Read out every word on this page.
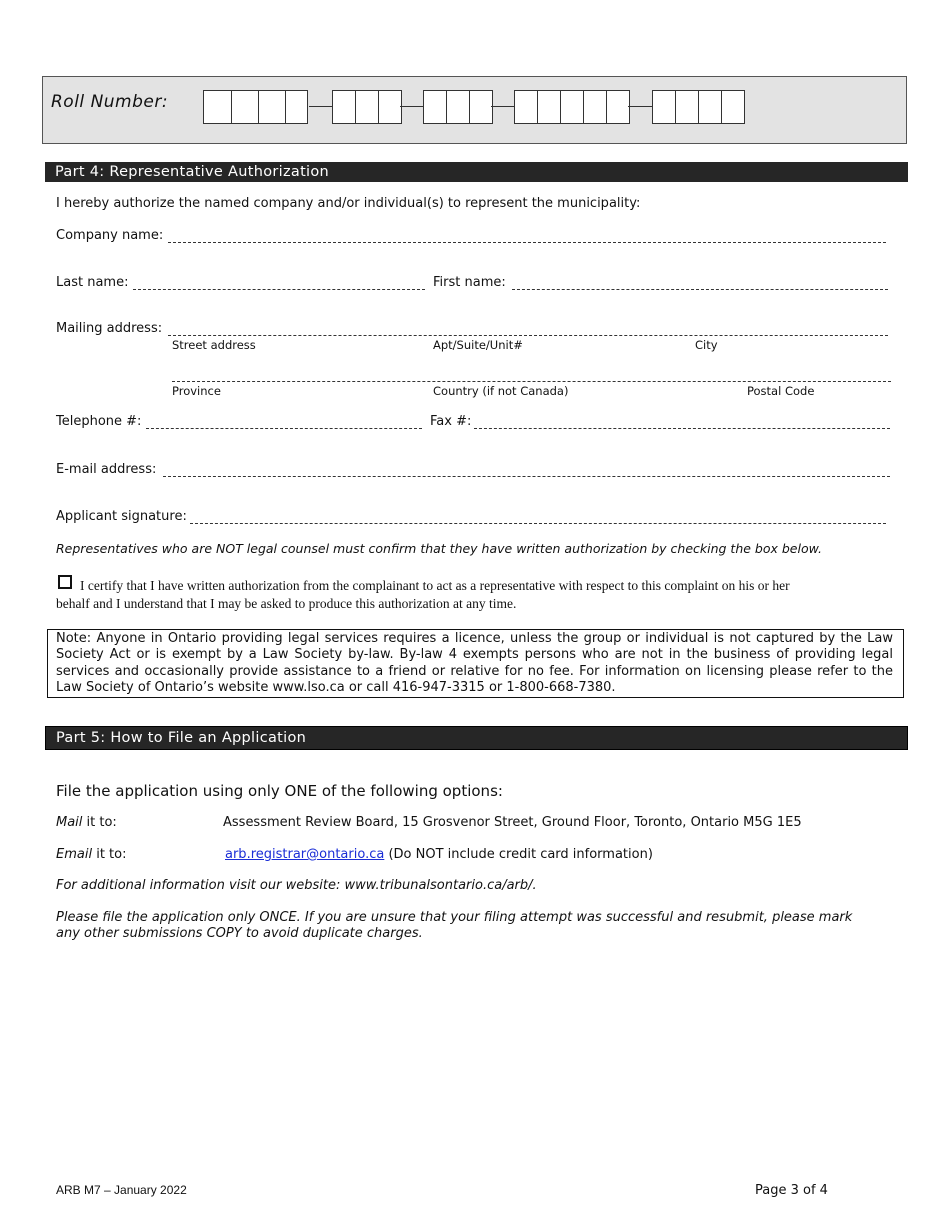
Roll Number:
Part 4: Representative Authorization
I hereby authorize the named company and/or individual(s) to represent the municipality:
Company name:
Last name:	First name:
Mailing address:
Street address	Apt/Suite/Unit#	City
Province	Country (if not Canada)	Postal Code
Telephone #:	Fax #:
E-mail address:
Applicant signature:
Representatives who are NOT legal counsel must confirm that they have written authorization by checking the box below.
I certify that I have written authorization from the complainant to act as a representative with respect to this complaint on his or her
behalf and I understand that I may be asked to produce this authorization at any time.
Note: Anyone in Ontario providing legal services requires a licence, unless the group or individual is not captured by the Law Society Act or is exempt by a Law Society by-law. By-law 4 exempts persons who are not in the business of providing legal services and occasionally provide assistance to a friend or relative for no fee. For information on licensing please refer to the Law Society of Ontario’s website www.lso.ca or call 416-947-3315 or 1-800-668-7380.
Part 5: How to File an Application
File the application using only ONE of the following options:
Mail it to:	Assessment Review Board, 15 Grosvenor Street, Ground Floor, Toronto, Ontario M5G 1E5
Email it to:	arb.registrar@ontario.ca (Do NOT include credit card information)
For additional information visit our website: www.tribunalsontario.ca/arb/.
Please file the application only ONCE. If you are unsure that your filing attempt was successful and resubmit, please mark
any other submissions COPY to avoid duplicate charges.
ARB M7 – January 2022	Page 3 of 4
